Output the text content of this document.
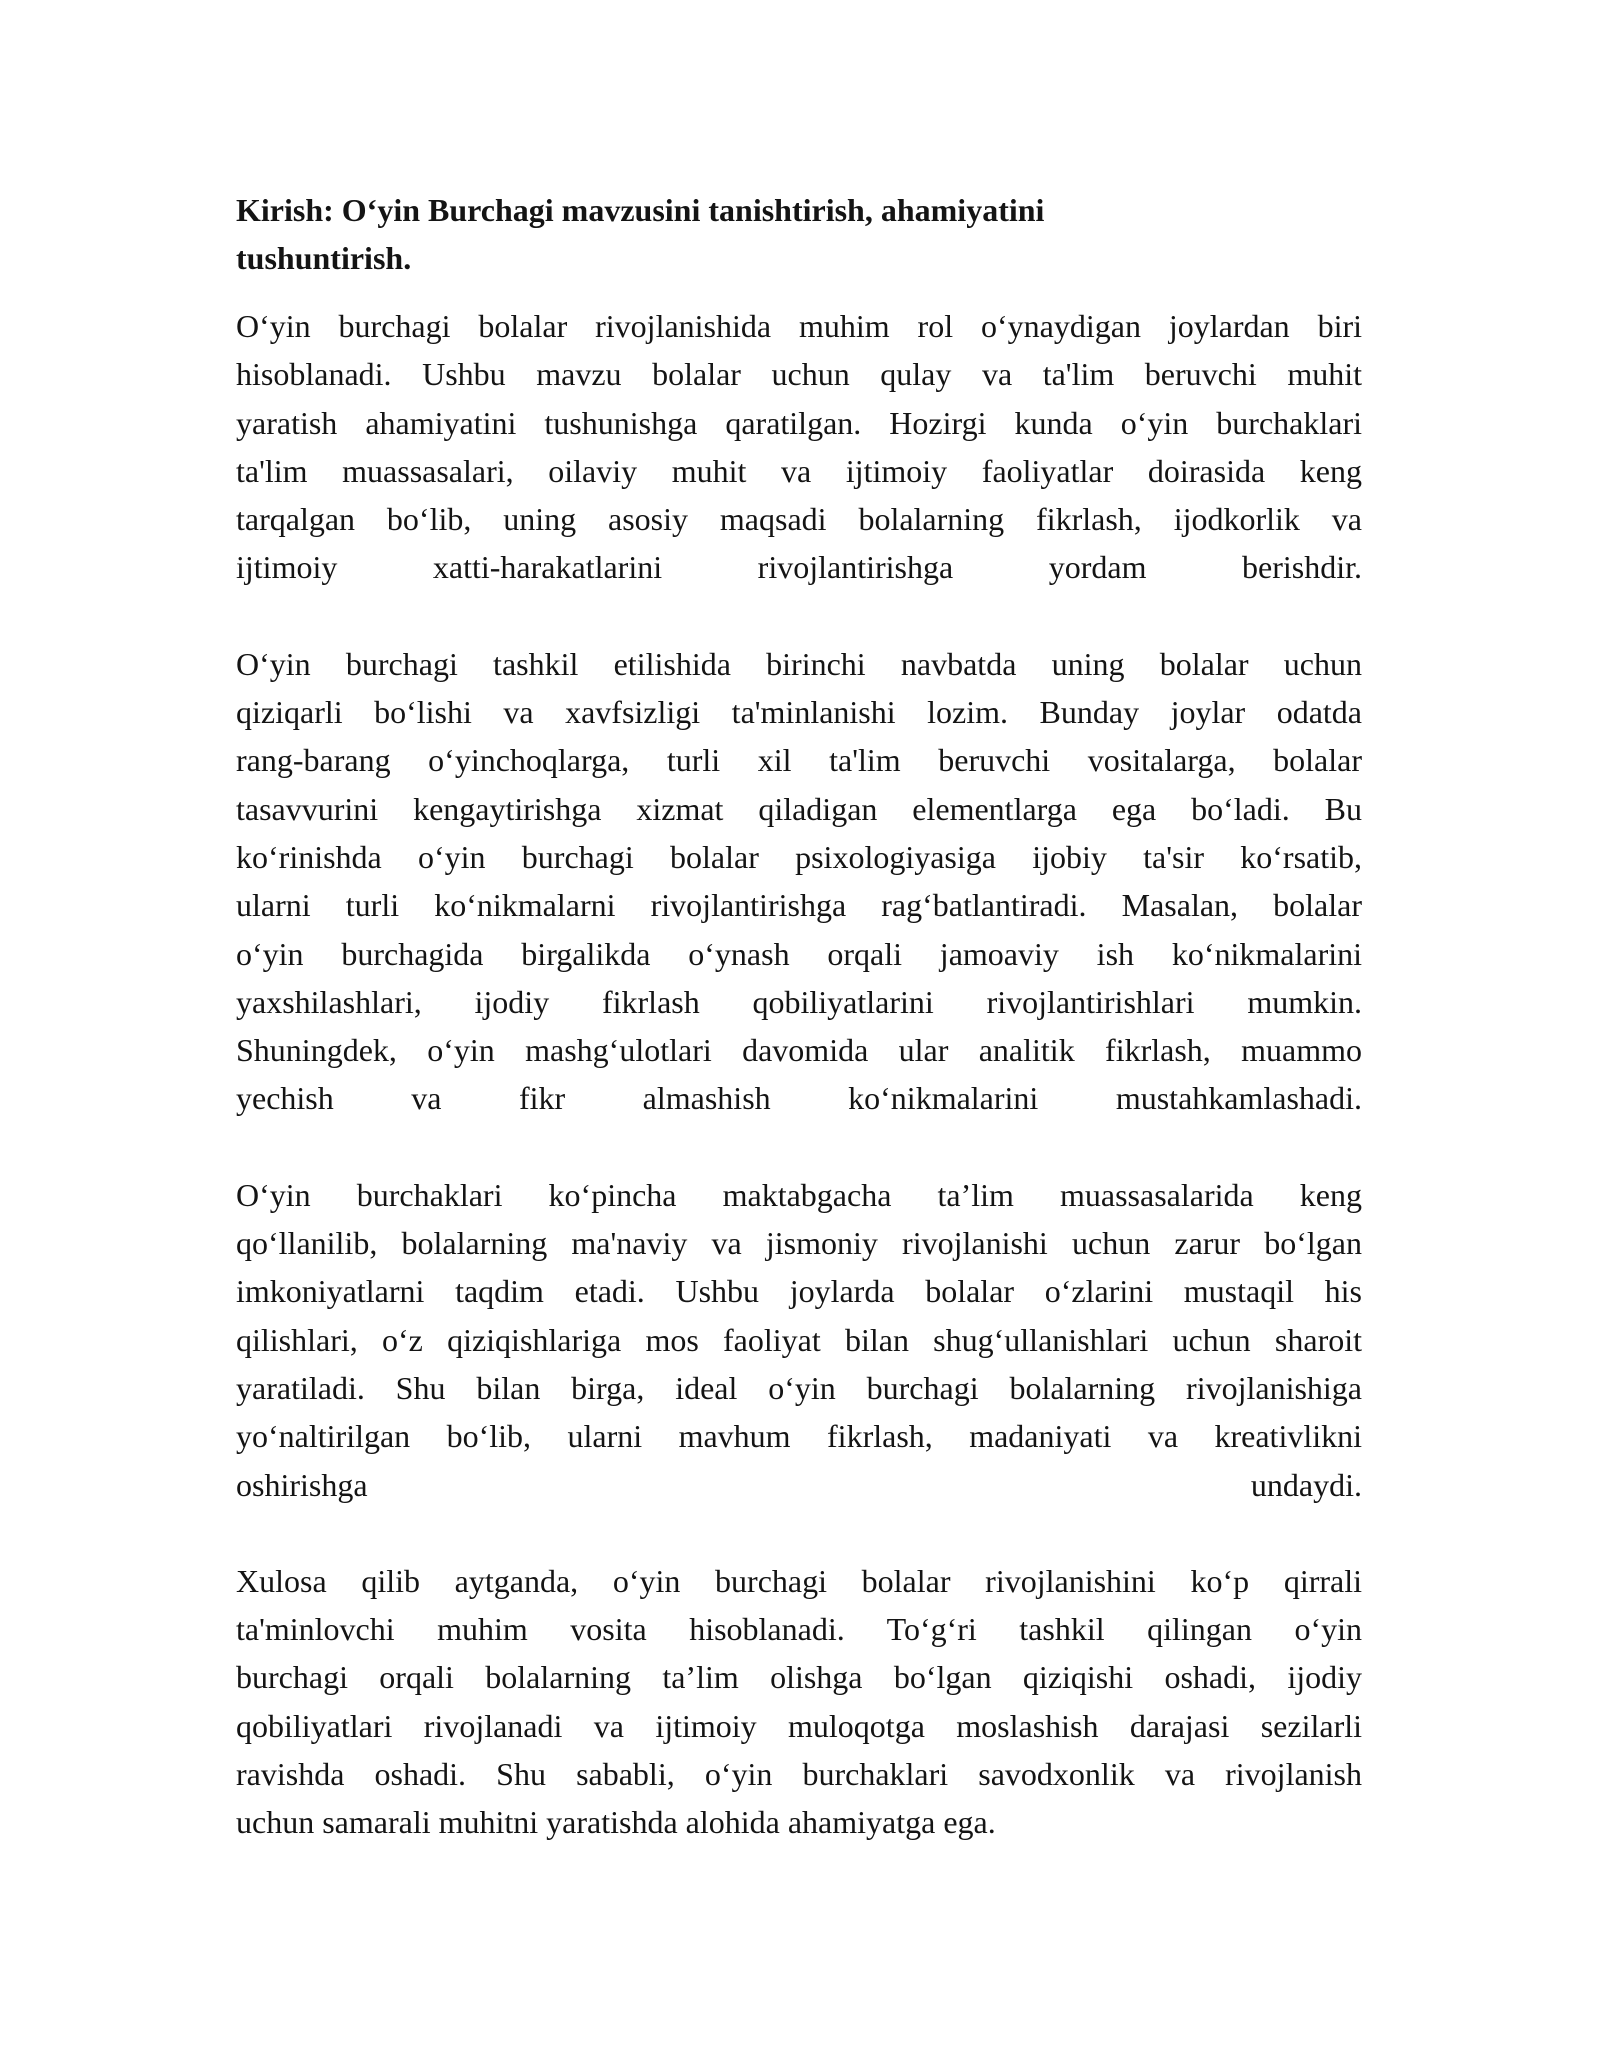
Kirish: O‘yin Burchagi mavzusini tanishtirish, ahamiyatini
tushuntirish.
O‘yin burchagi bolalar rivojlanishida muhim rol o‘ynaydigan joylardan biri
hisoblanadi. Ushbu mavzu bolalar uchun qulay va ta'lim beruvchi muhit
yaratish ahamiyatini tushunishga qaratilgan. Hozirgi kunda o‘yin burchaklari
ta'lim muassasalari, oilaviy muhit va ijtimoiy faoliyatlar doirasida keng
tarqalgan bo‘lib, uning asosiy maqsadi bolalarning fikrlash, ijodkorlik va
ijtimoiy xatti-harakatlarini rivojlantirishga yordam berishdir.
O‘yin burchagi tashkil etilishida birinchi navbatda uning bolalar uchun
qiziqarli bo‘lishi va xavfsizligi ta'minlanishi lozim. Bunday joylar odatda
rang-barang o‘yinchoqlarga, turli xil ta'lim beruvchi vositalarga, bolalar
tasavvurini kengaytirishga xizmat qiladigan elementlarga ega bo‘ladi. Bu
ko‘rinishda o‘yin burchagi bolalar psixologiyasiga ijobiy ta'sir ko‘rsatib,
ularni turli ko‘nikmalarni rivojlantirishga rag‘batlantiradi. Masalan, bolalar
o‘yin burchagida birgalikda o‘ynash orqali jamoaviy ish ko‘nikmalarini
yaxshilashlari, ijodiy fikrlash qobiliyatlarini rivojlantirishlari mumkin.
Shuningdek, o‘yin mashg‘ulotlari davomida ular analitik fikrlash, muammo
yechish va fikr almashish ko‘nikmalarini mustahkamlashadi.
O‘yin burchaklari ko‘pincha maktabgacha ta’lim muassasalarida keng
qo‘llanilib, bolalarning ma'naviy va jismoniy rivojlanishi uchun zarur bo‘lgan
imkoniyatlarni taqdim etadi. Ushbu joylarda bolalar o‘zlarini mustaqil his
qilishlari, o‘z qiziqishlariga mos faoliyat bilan shug‘ullanishlari uchun sharoit
yaratiladi. Shu bilan birga, ideal o‘yin burchagi bolalarning rivojlanishiga
yo‘naltirilgan bo‘lib, ularni mavhum fikrlash, madaniyati va kreativlikni
oshirishga undaydi.
Xulosa qilib aytganda, o‘yin burchagi bolalar rivojlanishini ko‘p qirrali
ta'minlovchi muhim vosita hisoblanadi. To‘g‘ri tashkil qilingan o‘yin
burchagi orqali bolalarning ta’lim olishga bo‘lgan qiziqishi oshadi, ijodiy
qobiliyatlari rivojlanadi va ijtimoiy muloqotga moslashish darajasi sezilarli
ravishda oshadi. Shu sababli, o‘yin burchaklari savodxonlik va rivojlanish
uchun samarali muhitni yaratishda alohida ahamiyatga ega.
